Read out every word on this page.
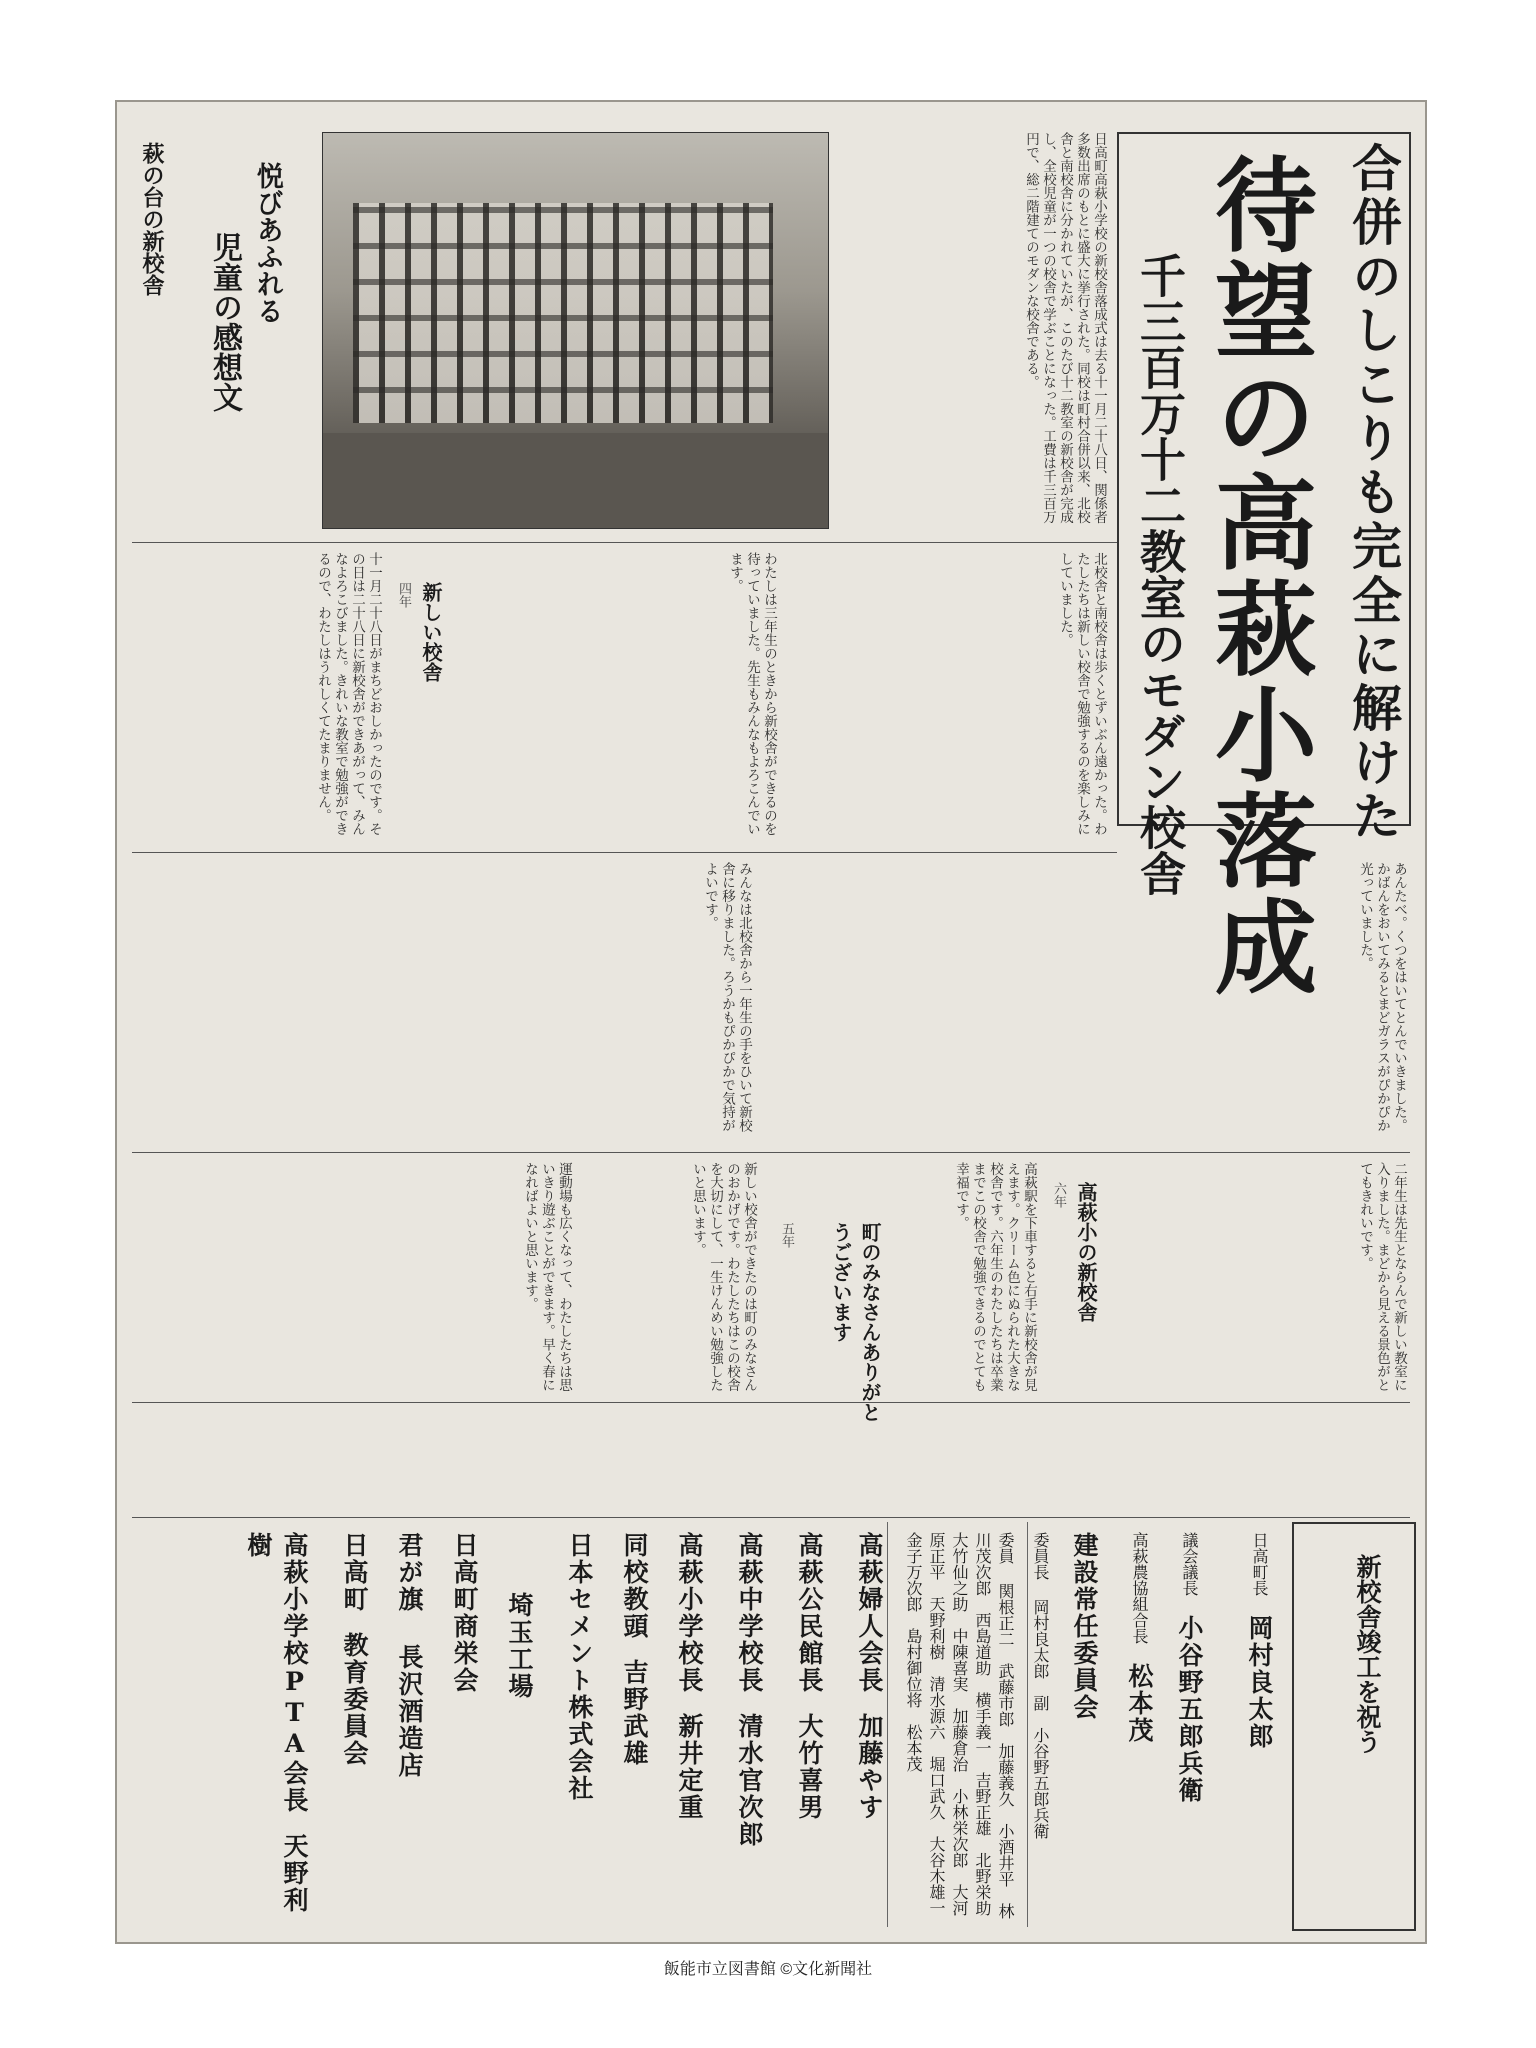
合併のしこりも完全に解けた
待望の高萩小落成
千三百万十二教室のモダン校舎
日高町高萩小学校の新校舎落成式は去る十一月二十八日、関係者多数出席のもとに盛大に挙行された。同校は町村合併以来、北校舎と南校舎に分かれていたが、このたび十二教室の新校舎が完成し、全校児童が一つの校舎で学ぶことになった。工費は千三百万円で、総二階建てのモダンな校舎である。
悦びあふれる
児童の感想文
萩の台の新校舎
北校舎と南校舎は歩くとずいぶん遠かった。わたしたちは新しい校舎で勉強するのを楽しみにしていました。
わたしは三年生のときから新校舎ができるのを待っていました。先生もみんなもよろこんでいます。
新しい校舎
四年
十一月二十八日がまちどおしかったのです。その日は二十八日に新校舎ができあがって、みんなよろこびました。きれいな教室で勉強ができるので、わたしはうれしくてたまりません。
あんたべ。くつをはいてとんでいきました。かばんをおいてみるとまどガラスがぴかぴか光っていました。
みんなは北校舎から一年生の手をひいて新校舎に移りました。ろうかもぴかぴかで気持がよいです。
高萩小の新校舎
六年
高萩駅を下車すると右手に新校舎が見えます。クリーム色にぬられた大きな校舎です。六年生のわたしたちは卒業までこの校舎で勉強できるのでとても幸福です。	二年生は先生とならんで新しい教室に入りました。まどから見える景色がとてもきれいです。
運動場も広くなって、わたしたちは思いきり遊ぶことができます。早く春になればよいと思います。	町のみなさんありがとうございます
五年
新しい校舎ができたのは町のみなさんのおかげです。わたしたちはこの校舎を大切にして、一生けんめい勉強したいと思います。
新校舎竣工を祝う
日高町長 岡村良太郎
議会議長 小谷野五郎兵衛
高萩農協組合長 松本茂
建設常任委員会
委員長 岡村良太郎　副　小谷野五郎兵衛
委員 関根正二　武藤市郎　加藤義久　小酒井平　林川茂次郎　西島道助　横手義一　吉野正雄　北野栄助　大竹仙之助　中陳喜実　加藤倉治　小林栄次郎　大河原正平　天野利樹　清水源六　堀口武久　大谷木雄一　金子万次郎　島村御位将　松本茂
高萩婦人会長 加藤やす
高萩公民館長 大竹喜男
高萩中学校長 清水官次郎
高萩小学校長 新井定重
同校教頭 吉野武雄
日本セメント株式会社
埼玉工場
日高町商栄会
君が旗 長沢酒造店
日高町 教育委員会
高萩小学校PTA会長 天野利樹
飯能市立図書館 ©文化新聞社
